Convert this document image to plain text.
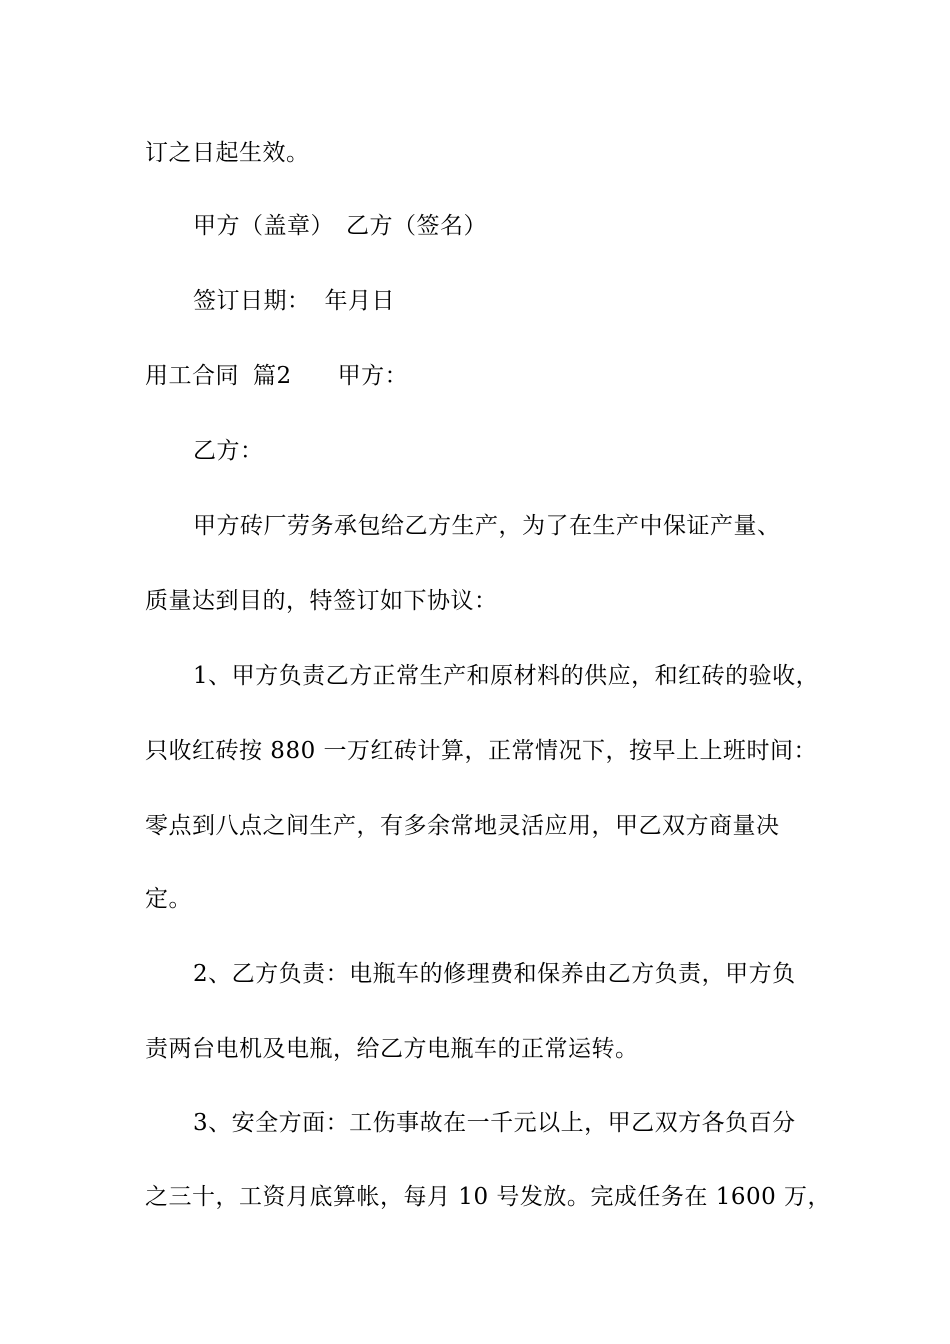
订之日起生效。
甲方（盖章） 乙方（签名）
签订日期： 年月日
用工合同 篇2 甲方：
乙方：
甲方砖厂劳务承包给乙方生产，为了在生产中保证产量、
质量达到目的，特签订如下协议：
1、甲方负责乙方正常生产和原材料的供应，和红砖的验收，
只收红砖按 880 一万红砖计算，正常情况下，按早上上班时间：
零点到八点之间生产，有多余常地灵活应用，甲乙双方商量决
定。
2、乙方负责：电瓶车的修理费和保养由乙方负责，甲方负
责两台电机及电瓶，给乙方电瓶车的正常运转。
3、安全方面：工伤事故在一千元以上，甲乙双方各负百分
之三十，工资月底算帐，每月 10 号发放。完成任务在 1600 万，
